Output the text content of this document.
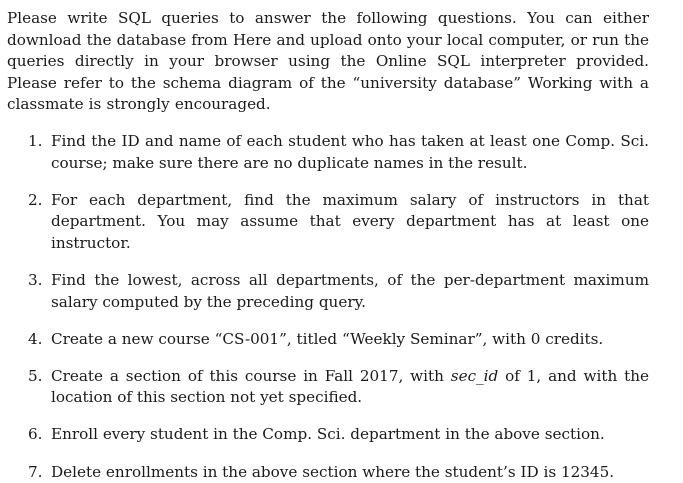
Please write SQL queries to answer the following questions. You can either download the database from Here and upload onto your local computer, or run the queries directly in your browser using the Online SQL interpreter provided. Please refer to the schema diagram of the “university database” Working with a classmate is strongly encouraged.

1. Find the ID and name of each student who has taken at least one Comp. Sci. course; make sure there are no duplicate names in the result.
2. For each department, find the maximum salary of instructors in that department. You may assume that every department has at least one instructor.
3. Find the lowest, across all departments, of the per-department maximum salary computed by the preceding query.
4. Create a new course “CS-001”, titled “Weekly Seminar”, with 0 credits.
5. Create a section of this course in Fall 2017, with sec_id of 1, and with the location of this section not yet specified.
6. Enroll every student in the Comp. Sci. department in the above section.
7. Delete enrollments in the above section where the student’s ID is 12345.
